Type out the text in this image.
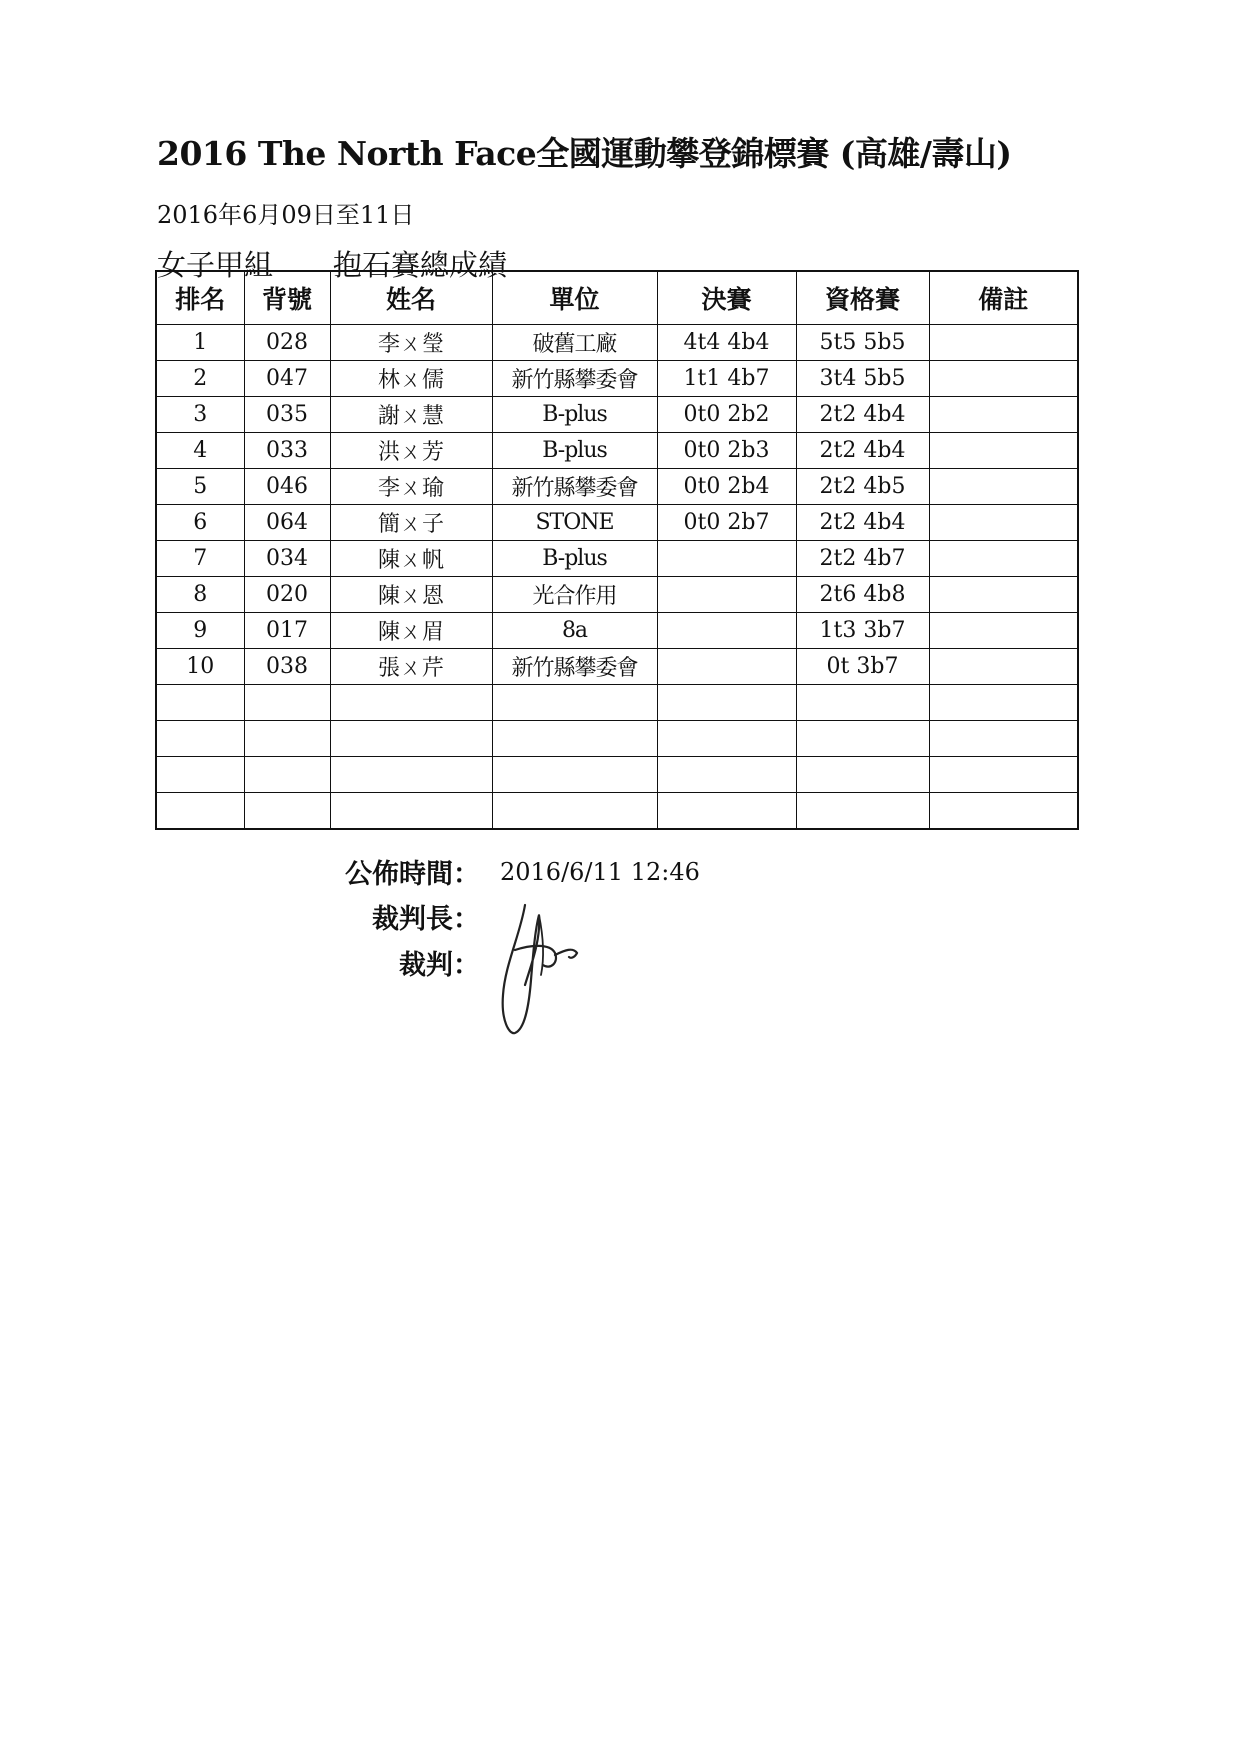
2016 The North Face全國運動攀登錦標賽 (高雄/壽山)
2016年6月09日至11日
女子甲組 抱石賽總成績
排名	背號	姓名	單位	決賽	資格賽	備註
1	028	李ㄨ瑩	破舊工廠	4t4 4b4	5t5 5b5	
2	047	林ㄨ儒	新竹縣攀委會	1t1 4b7	3t4 5b5	
3	035	謝ㄨ慧	B-plus	0t0 2b2	2t2 4b4	
4	033	洪ㄨ芳	B-plus	0t0 2b3	2t2 4b4	
5	046	李ㄨ瑜	新竹縣攀委會	0t0 2b4	2t2 4b5	
6	064	簡ㄨ子	STONE	0t0 2b7	2t2 4b4	
7	034	陳ㄨ帆	B-plus		2t2 4b7	
8	020	陳ㄨ恩	光合作用		2t6 4b8	
9	017	陳ㄨ眉	8a		1t3 3b7	
10	038	張ㄨ芹	新竹縣攀委會		0t 3b7	

公佈時間： 2016/6/11 12:46
裁判長：
裁判：
